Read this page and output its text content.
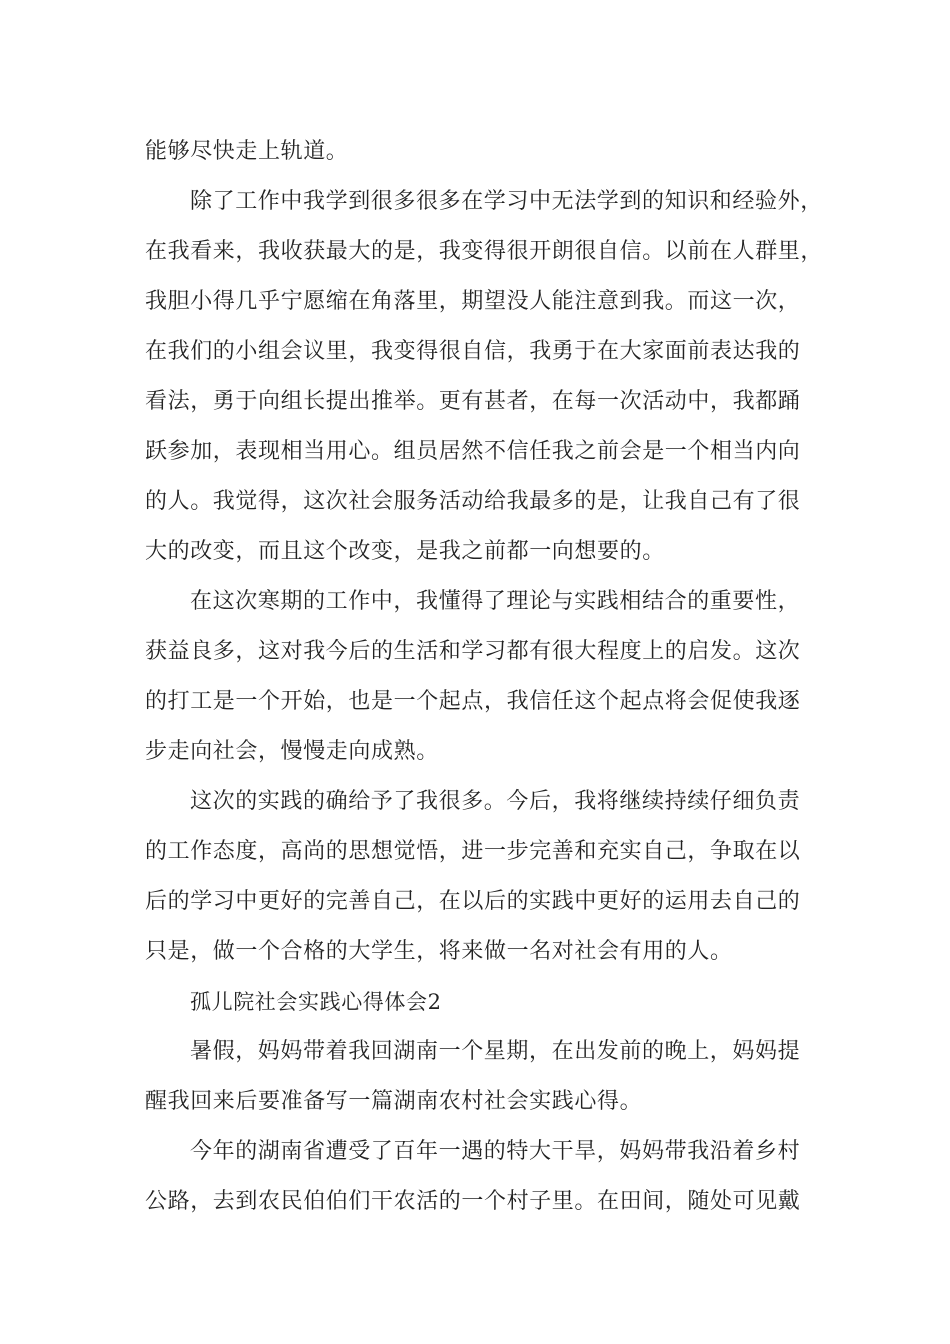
能够尽快走上轨道。
除了工作中我学到很多很多在学习中无法学到的知识和经验外，
在我看来，我收获最大的是，我变得很开朗很自信。以前在人群里，
我胆小得几乎宁愿缩在角落里，期望没人能注意到我。而这一次，
在我们的小组会议里，我变得很自信，我勇于在大家面前表达我的
看法，勇于向组长提出推举。更有甚者，在每一次活动中，我都踊
跃参加，表现相当用心。组员居然不信任我之前会是一个相当内向
的人。我觉得，这次社会服务活动给我最多的是，让我自己有了很
大的改变，而且这个改变，是我之前都一向想要的。
在这次寒期的工作中，我懂得了理论与实践相结合的重要性，
获益良多，这对我今后的生活和学习都有很大程度上的启发。这次
的打工是一个开始，也是一个起点，我信任这个起点将会促使我逐
步走向社会，慢慢走向成熟。
这次的实践的确给予了我很多。今后，我将继续持续仔细负责
的工作态度，高尚的思想觉悟，进一步完善和充实自己，争取在以
后的学习中更好的完善自己，在以后的实践中更好的运用去自己的
只是，做一个合格的大学生，将来做一名对社会有用的人。
孤儿院社会实践心得体会2
暑假，妈妈带着我回湖南一个星期，在出发前的晚上，妈妈提
醒我回来后要准备写一篇湖南农村社会实践心得。
今年的湖南省遭受了百年一遇的特大干旱，妈妈带我沿着乡村
公路，去到农民伯伯们干农活的一个村子里。在田间，随处可见戴
